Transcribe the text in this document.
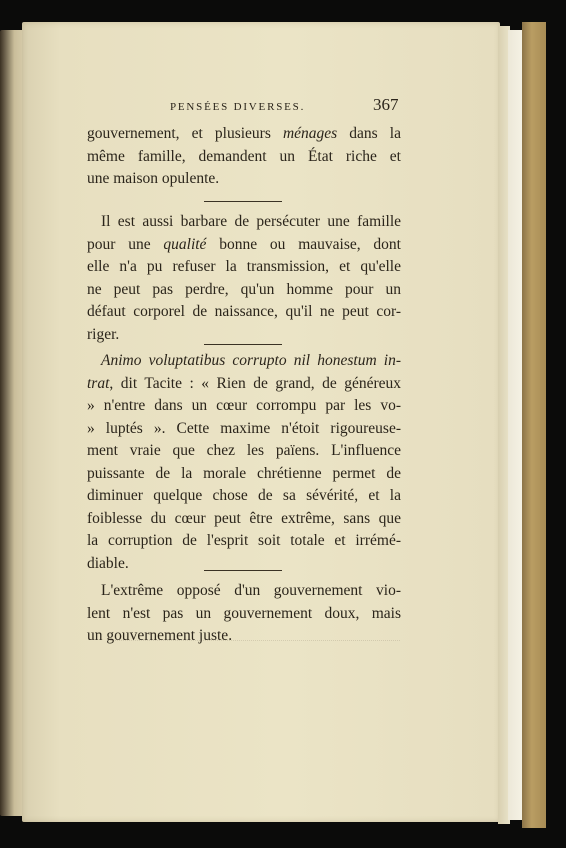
PENSÉES DIVERSES.	367
gouvernement, et plusieurs ménages dans la
même famille, demandent un État riche et
une maison opulente.
Il est aussi barbare de persécuter une famille
pour une qualité bonne ou mauvaise, dont
elle n'a pu refuser la transmission, et qu'elle
ne peut pas perdre, qu'un homme pour un
défaut corporel de naissance, qu'il ne peut cor-
riger.
Animo voluptatibus corrupto nil honestum in-
trat, dit Tacite : « Rien de grand, de généreux
» n'entre dans un cœur corrompu par les vo-
» luptés ». Cette maxime n'étoit rigoureuse-
ment vraie que chez les païens. L'influence
puissante de la morale chrétienne permet de
diminuer quelque chose de sa sévérité, et la
foiblesse du cœur peut être extrême, sans que
la corruption de l'esprit soit totale et irrémé-
diable.
L'extrême opposé d'un gouvernement vio-
lent n'est pas un gouvernement doux, mais
un gouvernement juste.
